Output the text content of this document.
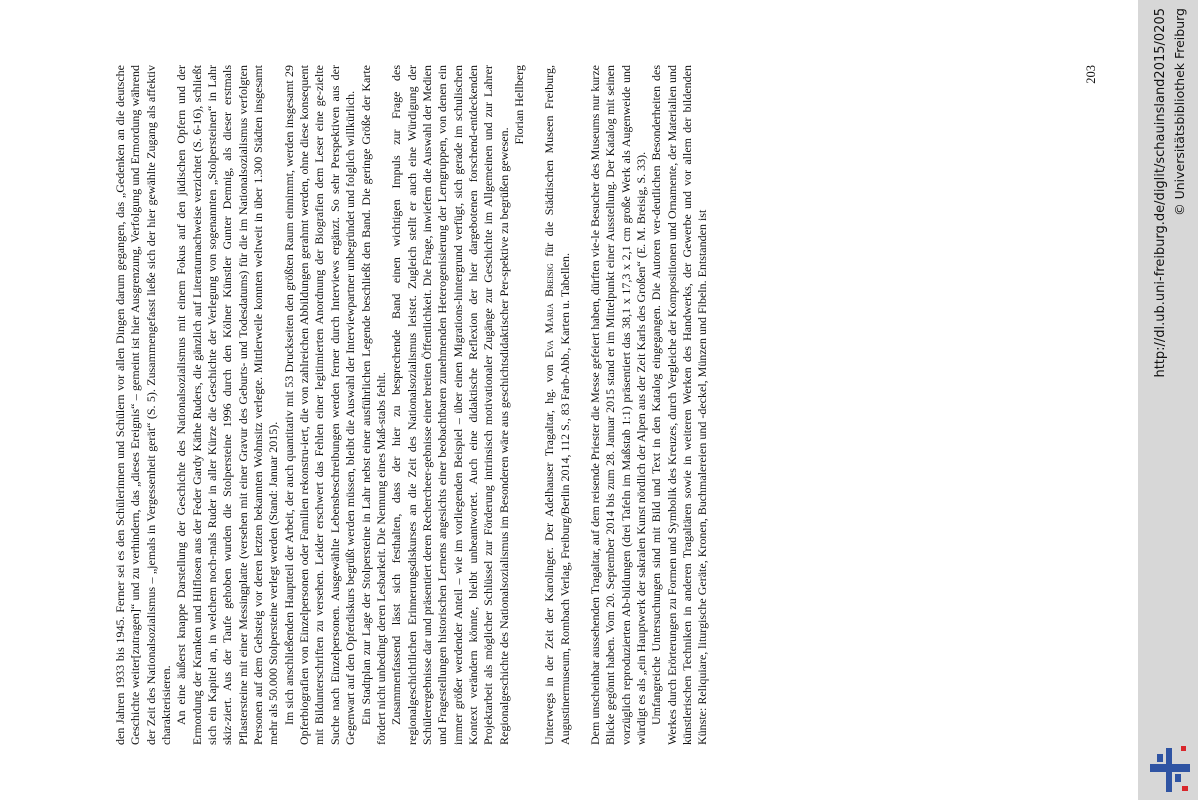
den Jahren 1933 bis 1945. Ferner sei es den Schülerinnen und Schülern vor allen Dingen darum gegangen, das „Gedenken an die deutsche Geschichte weiter[zutragen]“ und zu verhindern, das „dieses Ereignis“ – gemeint ist hier Ausgrenzung, Verfolgung und Ermordung während der Zeit des Nationalsozialismus – „jemals in Vergessenheit gerät“ (S. 5). Zusammengefasst ließe sich der hier gewählte Zugang als affektiv charakterisieren. An eine äußerst knappe Darstellung der Geschichte des Nationalsozialismus mit einem Fokus auf den jüdischen Opfern und der Ermordung der Kranken und Hilflosen aus der Feder Gardy Käthe Ruders, die gänzlich auf Literaturnachweise verzichtet (S. 6-16), schließt sich ein Kapitel an, in welchem noch-mals Ruder in aller Kürze die Geschichte der Verlegung von sogenannten „Stolpersteinen“ in Lahr skiz-ziert. Aus der Taufe gehoben wurden die Stolpersteine 1996 durch den Kölner Künstler Gunter Demnig, als dieser erstmals Pflastersteine mit einer Messingplatte (versehen mit einer Gravur des Geburts- und Todesdatums) für die im Nationalsozialismus verfolgten Personen auf dem Gehsteig vor deren letzten bekannten Wohnsitz verlegte. Mittlerweile konnten weltweit in über 1.300 Städten insgesamt mehr als 50.000 Stolpersteine verlegt werden (Stand: Januar 2015). Im sich anschließenden Hauptteil der Arbeit, der auch quantitativ mit 53 Druckseiten den größten Raum einnimmt, werden insgesamt 29 Opferbiografien von Einzelpersonen oder Familien rekonstru-iert, die von zahlreichen Abbildungen gerahmt werden, ohne diese konsequent mit Bildunterschriften zu versehen. Leider erschwert das Fehlen einer legitimierten Anordnung der Biografien dem Leser eine ge-zielte Suche nach Einzelpersonen. Ausgewählte Lebensbeschreibungen werden ferner durch Interviews ergänzt. So sehr Perspektiven aus der Gegenwart auf den Opferdiskurs begrüßt werden müssen, bleibt die Auswahl der Interviewpartner unbegründet und folglich willkürlich. Ein Stadtplan zur Lage der Stolpersteine in Lahr nebst einer ausführlichen Legende beschließt den Band. Die geringe Größe der Karte fördert nicht unbedingt deren Lesbarkeit. Die Nennung eines Maß-stabs fehlt. Zusammenfassend lässt sich festhalten, dass der hier zu besprechende Band einen wichtigen Impuls zur Frage des regionalgeschichtlichen Erinnerungsdiskurses an die Zeit des Nationalsozialismus leistet. Zugleich stellt er auch eine Würdigung der Schülerergebnisse dar und präsentiert deren Rechercheer-gebnisse einer breiten Öffentlichkeit. Die Frage, inwiefern die Auswahl der Medien und Fragestellungen historischen Lernens angesichts einer beobachtbaren zunehmenden Heterogenisierung der Lerngruppen, von denen ein immer größer werdender Anteil – wie im vorliegenden Beispiel – über einen Migrations-hintergrund verfügt, sich gerade im schulischen Kontext verändern könnte, bleibt unbeantwortet. Auch eine didaktische Reflexion der hier dargebotenen forschend-entdeckenden Projektarbeit als möglicher Schlüssel zur Förderung intrinsisch motivationaler Zugänge zur Geschichte im Allgemeinen und zur Lahrer Regionalgeschichte des Nationalsozialismus im Besonderen wäre aus geschichtsdidaktischer Per-spektive zu begrüßen gewesen.

Florian Hellberg

Unterwegs in der Zeit der Karolinger. Der Adelhauser Tragaltar, hg. von Eva Maria Breisig für die Städtischen Museen Freiburg, Augustinermuseum, Rombach Verlag, Freiburg/Berlin 2014, 112 S., 83 Farb-Abb., Karten u. Tabellen. Dem unscheinbar aussehenden Tragaltar, auf dem reisende Priester die Messe gefeiert haben, dürften vie-le Besucher des Museums nur kurze Blicke gegönnt haben. Vom 20. September 2014 bis zum 28. Januar 2015 stand er im Mittelpunkt einer Ausstellung. Der Katalog mit seinen vorzüglich reproduzierten Ab-bildungen (drei Tafeln im Maßstab 1:1) präsentiert das 38,1 x 17,3 x 2,1 cm große Werk als Augenweide und würdigt es als „ein Hauptwerk der sakralen Kunst nördlich der Alpen aus der Zeit Karls des Großen“ (E. M. Breisig, S. 33). Umfangreiche Untersuchungen sind mit Bild und Text in den Katalog eingegangen. Die Autoren ver-deutlichen Besonderheiten des Werkes durch Erörterungen zu Formen und Symbolik des Kreuzes, durch Vergleiche der Kompositionen und Ornamente, der Materialien und künstlerischen Techniken in anderen Tragaltären sowie in weiteren Werken des Handwerks, der Gewerbe und vor allem der bildenden Künste: Reliquiare, liturgische Geräte, Kronen, Buchmalereien und -deckel, Münzen und Fibeln. Entstanden ist

203	http://dl.ub.uni-freiburg.de/diglit/schauinsland2015/0205 © Universitätsbibliothek Freiburg
